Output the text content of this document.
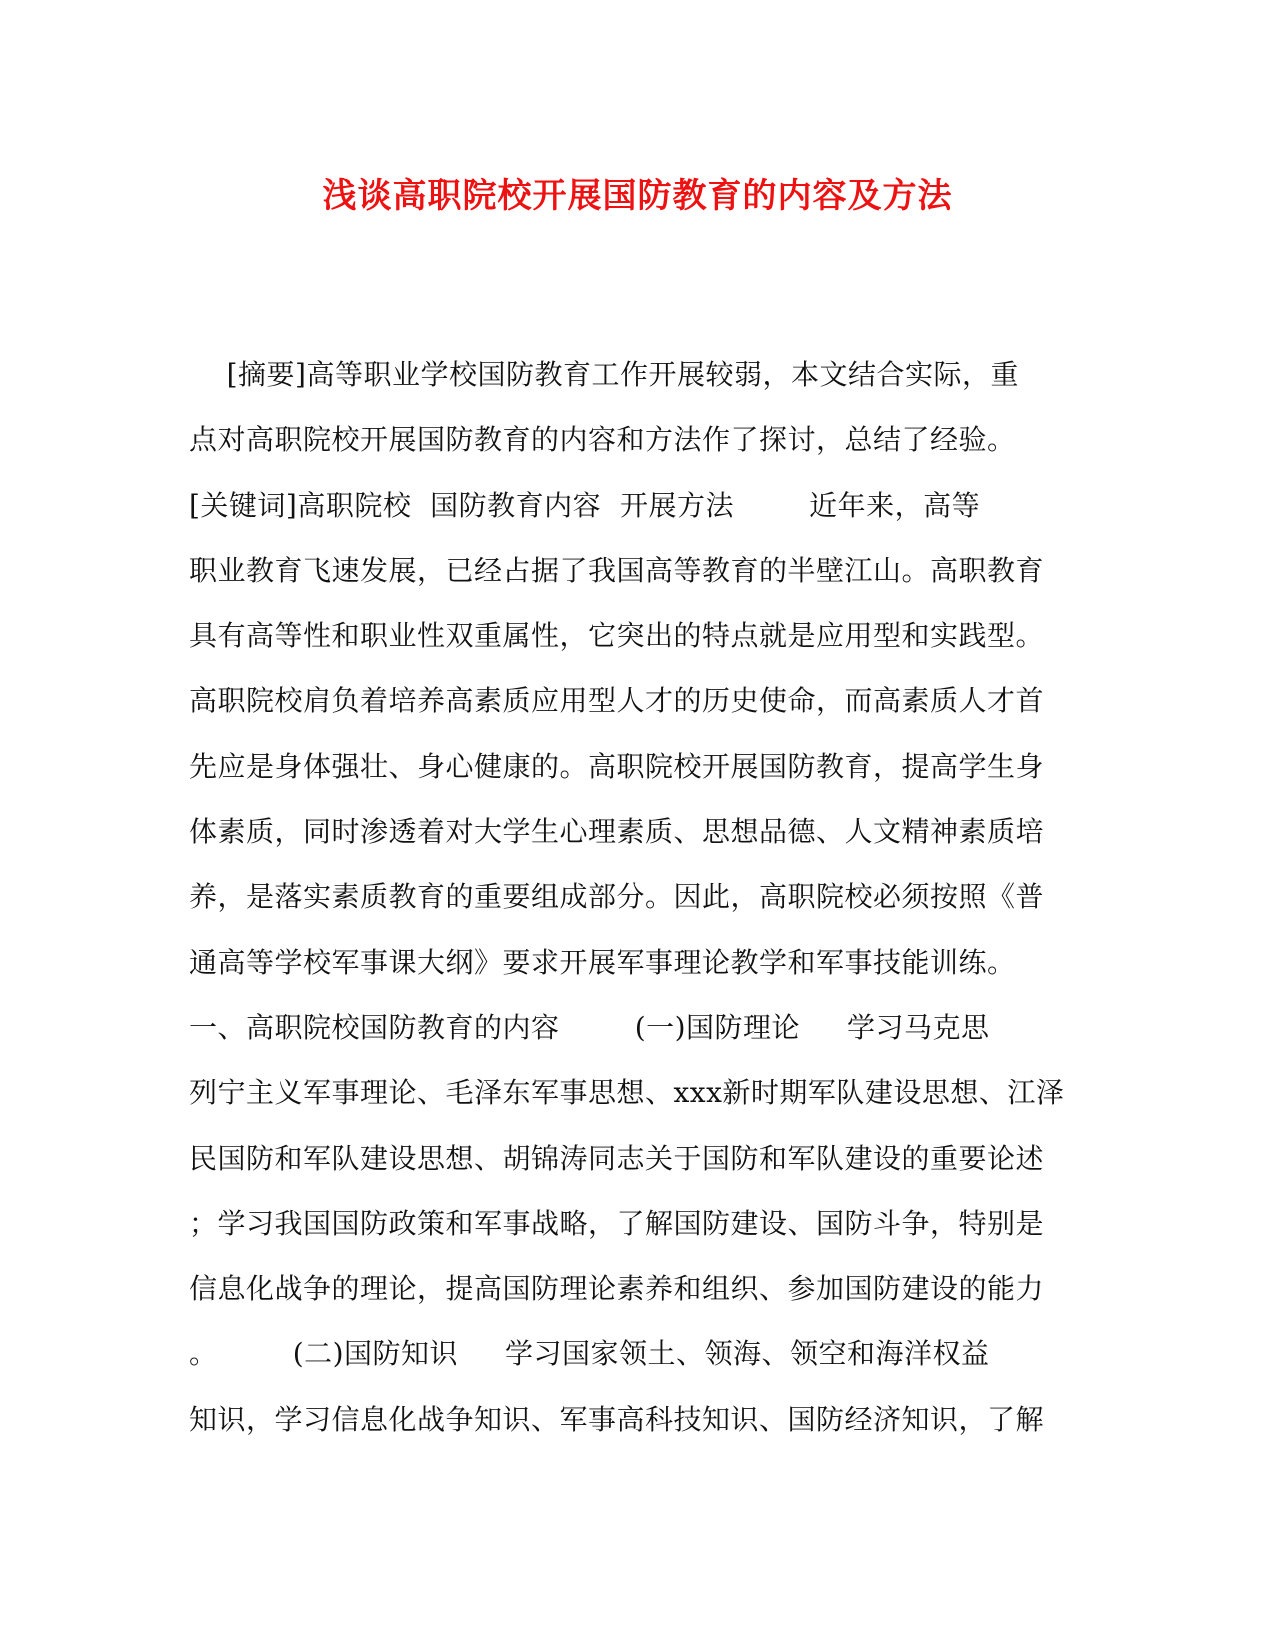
浅谈高职院校开展国防教育的内容及方法
[摘要]高等职业学校国防教育工作开展较弱，本文结合实际，重
点对高职院校开展国防教育的内容和方法作了探讨，总结了经验。
[关键词]高职院校  国防教育内容  开展方法        近年来，高等
职业教育飞速发展，已经占据了我国高等教育的半壁江山。高职教育
具有高等性和职业性双重属性，它突出的特点就是应用型和实践型。
高职院校肩负着培养高素质应用型人才的历史使命，而高素质人才首
先应是身体强壮、身心健康的。高职院校开展国防教育，提高学生身
体素质，同时渗透着对大学生心理素质、思想品德、人文精神素质培
养，是落实素质教育的重要组成部分。因此，高职院校必须按照《普
通高等学校军事课大纲》要求开展军事理论教学和军事技能训练。
一、高职院校国防教育的内容        (一)国防理论     学习马克思
列宁主义军事理论、毛泽东军事思想、xxx新时期军队建设思想、江泽
民国防和军队建设思想、胡锦涛同志关于国防和军队建设的重要论述
；学习我国国防政策和军事战略，了解国防建设、国防斗争，特别是
信息化战争的理论，提高国防理论素养和组织、参加国防建设的能力
。        (二)国防知识     学习国家领土、领海、领空和海洋权益
知识，学习信息化战争知识、军事高科技知识、国防经济知识，了解
